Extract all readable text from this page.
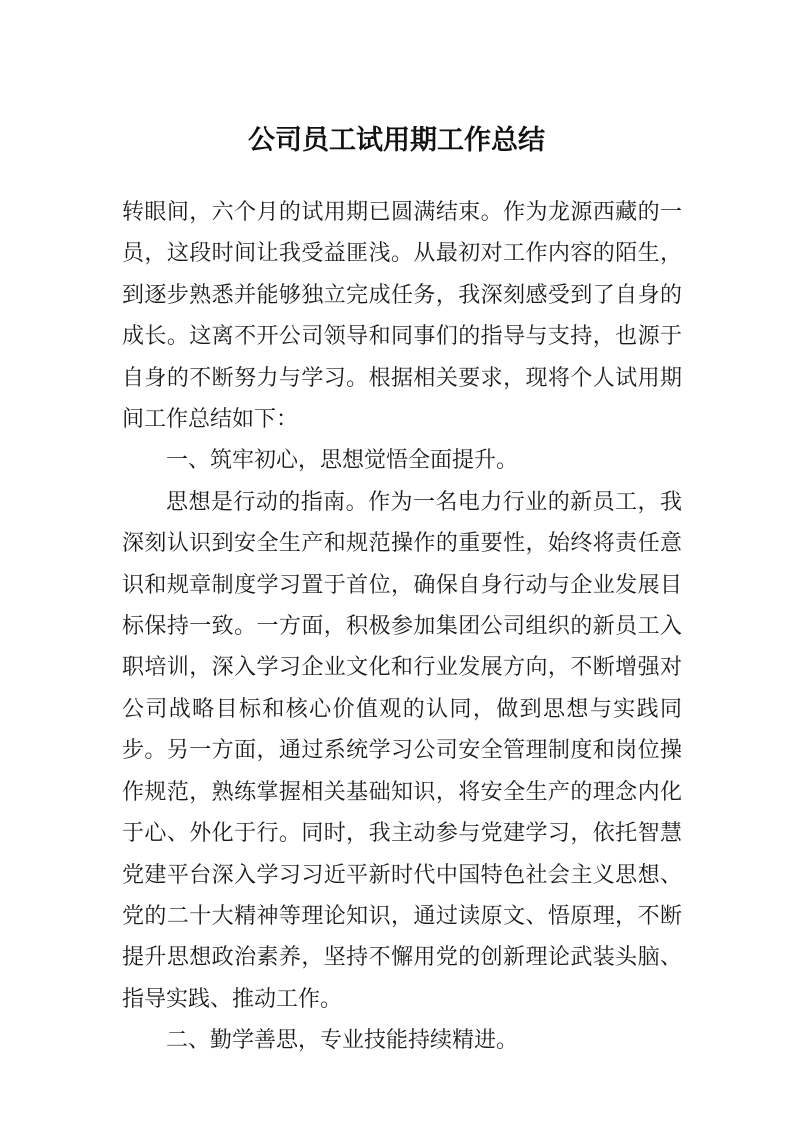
公司员工试用期工作总结

转眼间，六个月的试用期已圆满结束。作为龙源西藏的一员，这段时间让我受益匪浅。从最初对工作内容的陌生，到逐步熟悉并能够独立完成任务，我深刻感受到了自身的成长。这离不开公司领导和同事们的指导与支持，也源于自身的不断努力与学习。根据相关要求，现将个人试用期间工作总结如下：

一、筑牢初心，思想觉悟全面提升。

思想是行动的指南。作为一名电力行业的新员工，我深刻认识到安全生产和规范操作的重要性，始终将责任意识和规章制度学习置于首位，确保自身行动与企业发展目标保持一致。一方面，积极参加集团公司组织的新员工入职培训，深入学习企业文化和行业发展方向，不断增强对公司战略目标和核心价值观的认同，做到思想与实践同步。另一方面，通过系统学习公司安全管理制度和岗位操作规范，熟练掌握相关基础知识，将安全生产的理念内化于心、外化于行。同时，我主动参与党建学习，依托智慧党建平台深入学习习近平新时代中国特色社会主义思想、党的二十大精神等理论知识，通过读原文、悟原理，不断提升思想政治素养，坚持不懈用党的创新理论武装头脑、指导实践、推动工作。

二、勤学善思，专业技能持续精进。
